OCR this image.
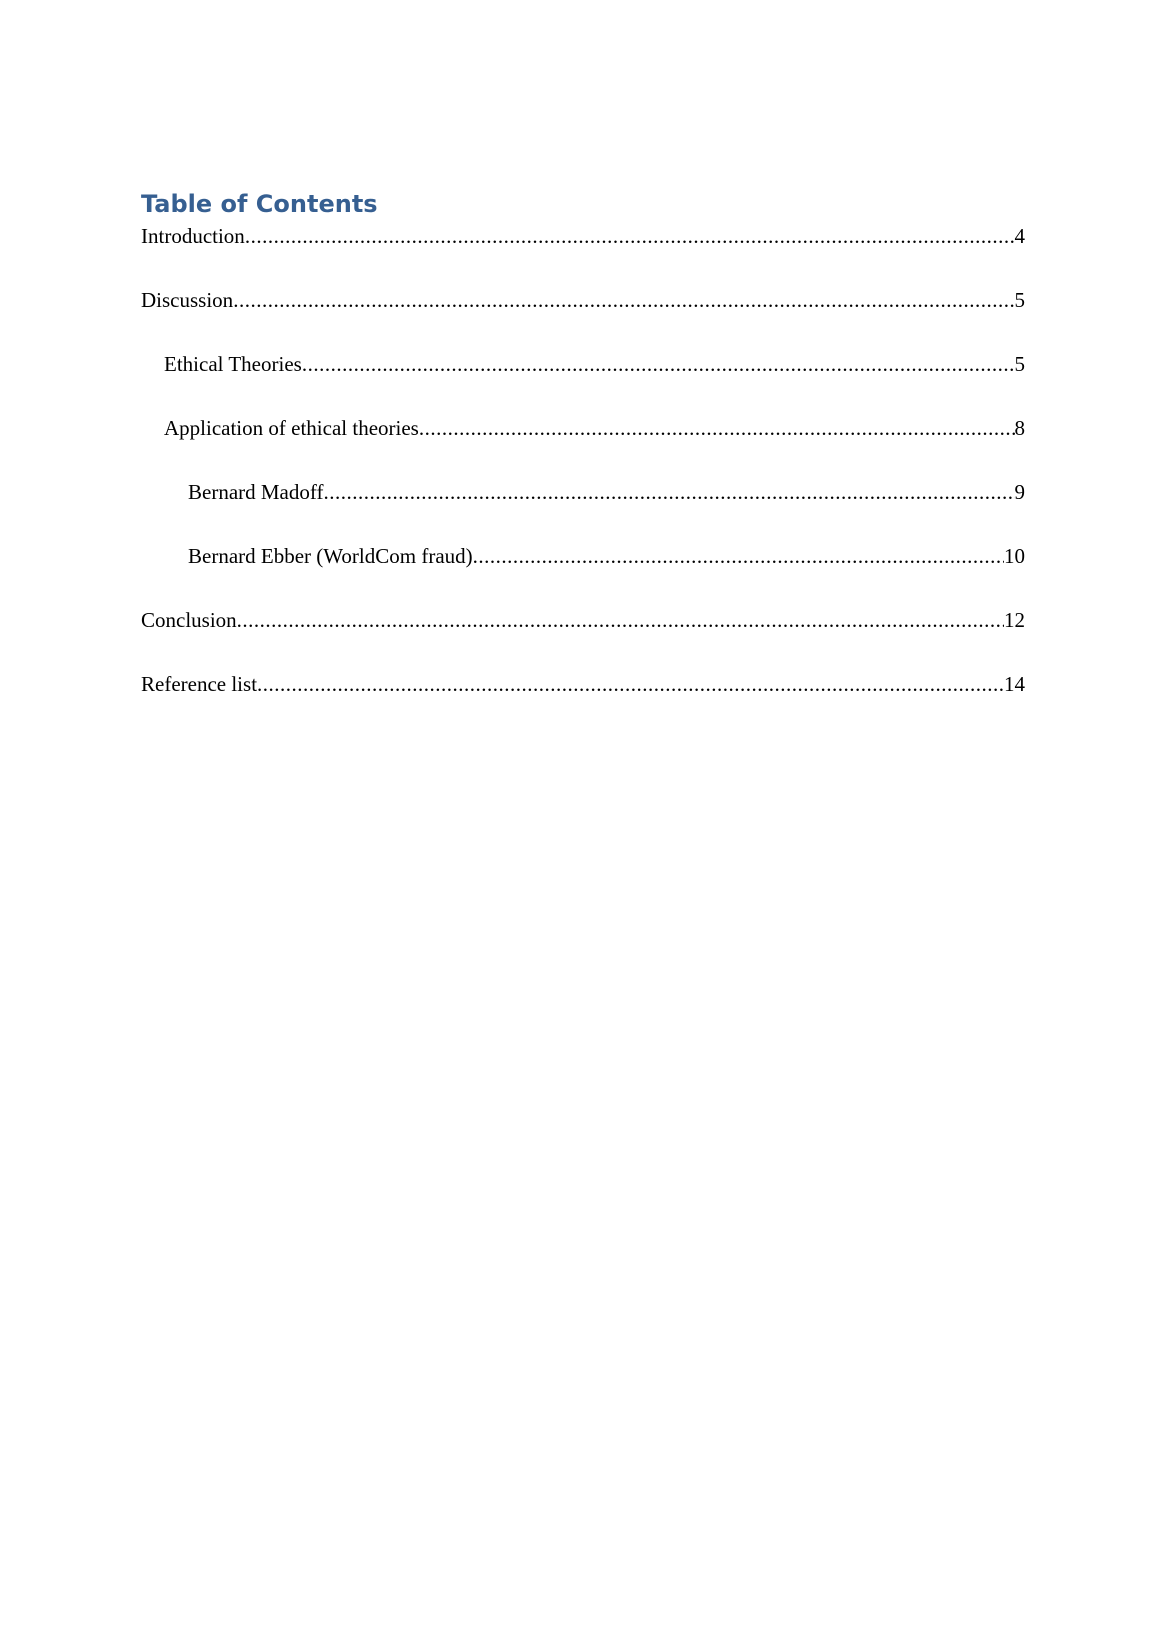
Table of Contents
Introduction .....	4
Discussion .....	5
Ethical Theories .....	5
Application of ethical theories .....	8
Bernard Madoff .....	9
Bernard Ebber (WorldCom fraud) .....	10
Conclusion .....	12
Reference list .....	14
